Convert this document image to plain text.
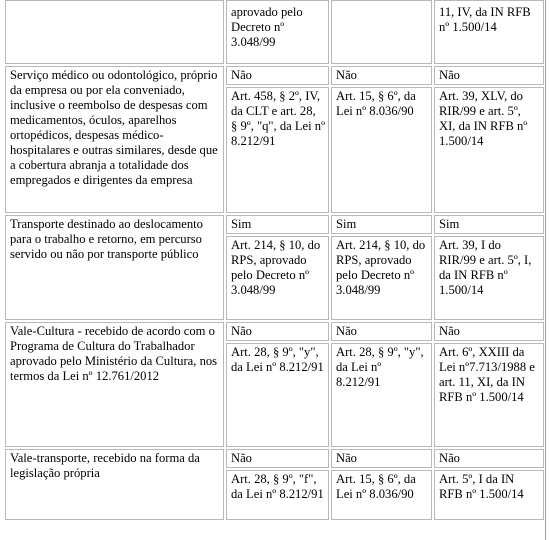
	aprovado pelo Decreto nº 3.048/99		11, IV, da IN RFB nº 1.500/14
Serviço médico ou odontológico, próprio da empresa ou por ela conveniado, inclusive o reembolso de despesas com medicamentos, óculos, aparelhos ortopédicos, despesas médico-hospitalares e outras similares, desde que a cobertura abranja a totalidade dos empregados e dirigentes da empresa	Não	Não	Não
	Art. 458, § 2º, IV, da CLT e art. 28, § 9º, "q", da Lei nº 8.212/91	Art. 15, § 6º, da Lei nº 8.036/90	Art. 39, XLV, do RIR/99 e art. 5º, XI, da IN RFB nº 1.500/14
Transporte destinado ao deslocamento para o trabalho e retorno, em percurso servido ou não por transporte público	Sim	Sim	Sim
	Art. 214, § 10, do RPS, aprovado pelo Decreto nº 3.048/99	Art. 214, § 10, do RPS, aprovado pelo Decreto nº 3.048/99	Art. 39, I do RIR/99 e art. 5º, I, da IN RFB nº 1.500/14
Vale-Cultura - recebido de acordo com o Programa de Cultura do Trabalhador aprovado pelo Ministério da Cultura, nos termos da Lei nº 12.761/2012	Não	Não	Não
	Art. 28, § 9º, "y", da Lei nº 8.212/91	Art. 28, § 9º, "y", da Lei nº 8.212/91	Art. 6º, XXIII da Lei nº7.713/1988 e art. 11, XI, da IN RFB nº 1.500/14
Vale-transporte, recebido na forma da legislação própria	Não	Não	Não
	Art. 28, § 9º, "f", da Lei nº 8.212/91	Art. 15, § 6º, da Lei nº 8.036/90	Art. 5º, I da IN RFB nº 1.500/14
